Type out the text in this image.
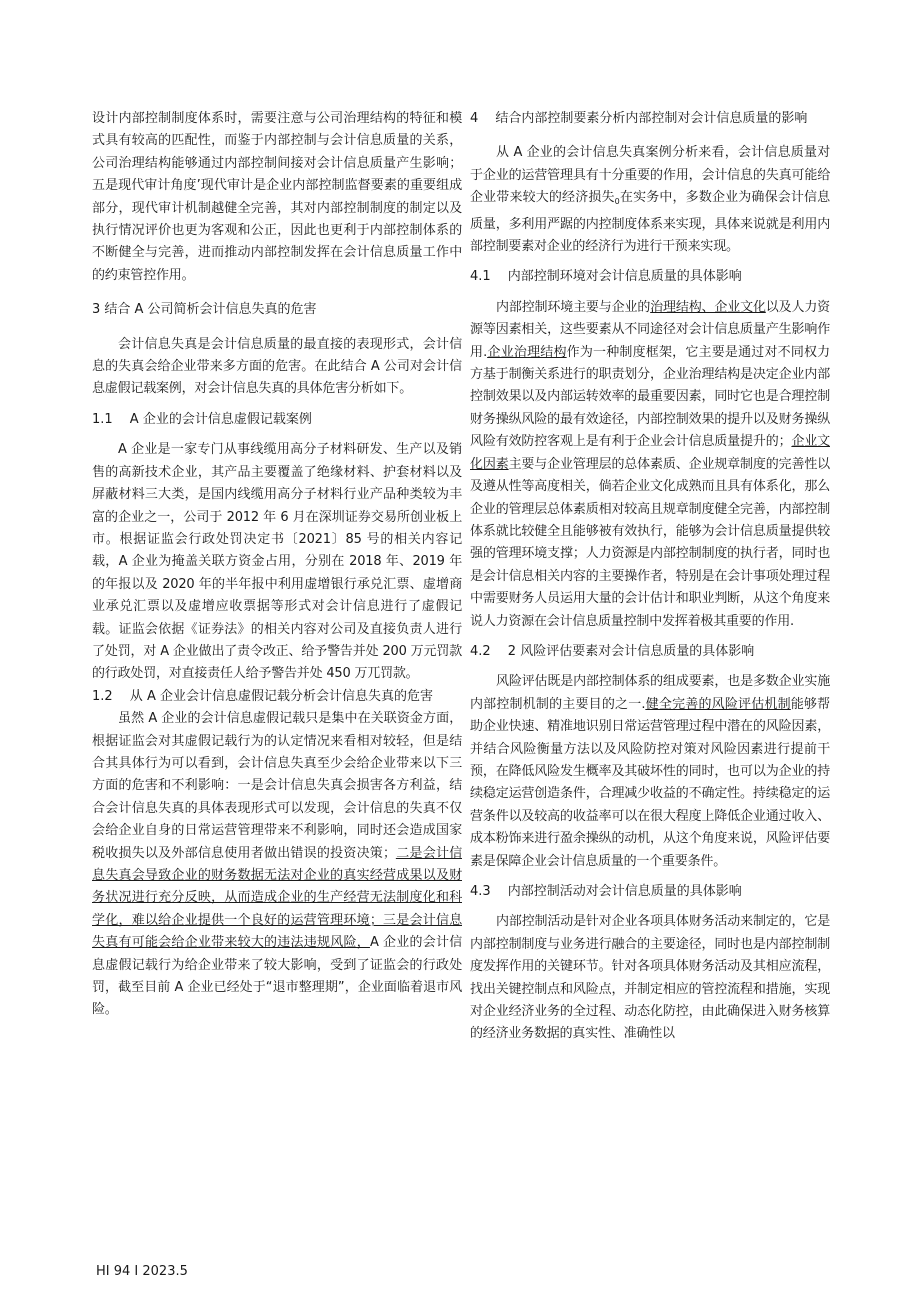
设计内部控制制度体系时，需要注意与公司治理结构的特征和模式具有较高的匹配性，而鉴于内部控制与会计信息质量的关系，公司治理结构能够通过内部控制间接对会计信息质量产生影响；五是现代审计角度’现代审计是企业内部控制监督要素的重要组成部分，现代审计机制越健全完善，其对内部控制制度的制定以及执行情况评价也更为客观和公正，因此也更利于内部控制体系的不断健全与完善，进而推动内部控制发挥在会计信息质量工作中的约束管控作用。

3 结合 A 公司简析会计信息失真的危害

会计信息失真是会计信息质量的最直接的表现形式，会计信息的失真会给企业带来多方面的危害。在此结合 A 公司对会计信息虚假记载案例，对会计信息失真的具体危害分析如下。

1.1　 A 企业的会计信息虚假记载案例

A 企业是一家专门从事线缆用高分子材料研发、生产以及销售的高新技术企业，其产品主要覆盖了绝缘材料、护套材料以及屏蔽材料三大类，是国内线缆用高分子材料行业产品种类较为丰富的企业之一，公司于 2012 年 6 月在深圳证券交易所创业板上市。根据证监会行政处罚决定书〔2021〕85 号的相关内容记载，A 企业为掩盖关联方资金占用，分别在 2018 年、2019 年的年报以及 2020 年的半年报中利用虚增银行承兑汇票、虚增商业承兑汇票以及虚增应收票据等形式对会计信息进行了虚假记载。证监会依据《证券法》的相关内容对公司及直接负责人进行了处罚，对 A 企业做出了责令改正、给予警告并处 200 万元罚款的行政处罚，对直接责任人给予警告并处 450 万兀罚款。

1.2　 从 A 企业会计信息虚假记载分析会计信息失真的危害

虽然 A 企业的会计信息虚假记载只是集中在关联资金方面，根据证监会对其虚假记载行为的认定情况来看相对较轻，但是结合其具体行为可以看到，会计信息失真至少会给企业带来以下三方面的危害和不利影响：一是会计信息失真会损害各方利益，结合会计信息失真的具体表现形式可以发现，会计信息的失真不仅会给企业自身的日常运营管理带来不利影响，同时还会造成国家税收损失以及外部信息使用者做出错误的投资决策；二是会计信息失真会导致企业的财务数据无法对企业的真实经营成果以及财务状况进行充分反映，从而造成企业的生产经营无法制度化和科学化，难以给企业提供一个良好的运营管理环境；三是会计信息失真有可能会给企业带来较大的违法违规风险，A 企业的会计信息虚假记载行为给企业带来了较大影响，受到了证监会的行政处罚，截至目前 A 企业已经处于“退市整理期”，企业面临着退市风险。

4　 结合内部控制要素分析内部控制对会计信息质量的影响

从 A 企业的会计信息失真案例分析来看，会计信息质量对于企业的运营管理具有十分重要的作用，会计信息的失真可能给企业带来较大的经济损失$_0$在实务中，多数企业为确保会计信息质量，多利用严踞的内控制度体系来实现，具体来说就是利用内部控制要素对企业的经济行为进行干预来实现。

4.1　 内部控制环境对会计信息质量的具体影响

内部控制环境主要与企业的治理结构、企业文化以及人力资源等因素相关，这些要素从不同途径对会计信息质量产生影响作用.企业治理结构作为一种制度框架，它主要是通过对不同权力方基于制衡关系进行的职责划分，企业治理结构是决定企业内部控制效果以及内部运转效率的最重要因素，同时它也是合理控制财务操纵风险的最有效途径，内部控制效果的提升以及财务操纵风险有效防控客观上是有利于企业会计信息质量提升的；企业文化因素主要与企业管理层的总体素质、企业规章制度的完善性以及遵从性等高度相关，倘若企业文化成熟而且具有体系化，那么企业的管理层总体素质相对较高且规章制度健全完善，内部控制体系就比较健全且能够被有效执行，能够为会计信息质量提供较强的管理环境支撑；人力资源是内部控制制度的执行者，同时也是会计信息相关内容的主要操作者，特别是在会计事项处理过程中需要财务人员运用大量的会计估计和职业判断，从这个角度来说人力资源在会计信息质量控制中发挥着极其重要的作用.

4.2　 2 风险评估要素对会计信息质量的具体影响

风险评估既是内部控制体系的组成要素，也是多数企业实施内部控制机制的主要目的之一.健全完善的风险评估机制能够帮助企业快速、精准地识别日常运营管理过程中潜在的风险因素，并结合风险衡量方法以及风险防控对策对风险因素进行提前干预，在降低风险发生概率及其破坏性的同时，也可以为企业的持续稳定运营创造条件，合理减少收益的不确定性。持续稳定的运营条件以及较高的收益率可以在很大程度上降低企业通过收入、成本粉饰来进行盈余操纵的动机，从这个角度来说，风险评估要素是保障企业会计信息质量的一个重要条件。

4.3　 内部控制活动对会计信息质量的具体影响

内部控制活动是针对企业各项具体财务活动来制定的，它是内部控制制度与业务进行融合的主要途径，同时也是内部控制制度发挥作用的关键环节。针对各项具体财务活动及其相应流程，找出关键控制点和风险点，并制定相应的管控流程和措施，实现对企业经济业务的全过程、动态化防控，由此确保进入财务核算的经济业务数据的真实性、准确性以

HI 94 I 2023.5
